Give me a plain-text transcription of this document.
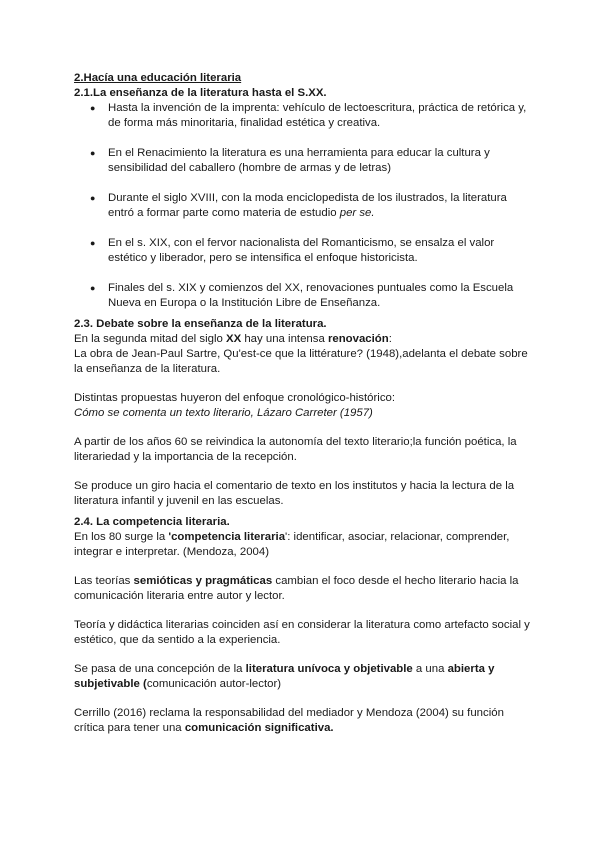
2.Hacía una educación literaria

2.1.La enseñanza de la literatura hasta el S.XX.

● Hasta la invención de la imprenta: vehículo de lectoescritura, práctica de retórica y, de forma más minoritaria, finalidad estética y creativa.
● En el Renacimiento la literatura es una herramienta para educar la cultura y sensibilidad del caballero (hombre de armas y de letras)
● Durante el siglo XVIII, con la moda enciclopedista de los ilustrados, la literatura entró a formar parte como materia de estudio per se.
● En el s. XIX, con el fervor nacionalista del Romanticismo, se ensalza el valor estético y liberador, pero se intensifica el enfoque historicista.
● Finales del s. XIX y comienzos del XX, renovaciones puntuales como la Escuela Nueva en Europa o la Institución Libre de Enseñanza.

2.3. Debate sobre la enseñanza de la literatura.

En la segunda mitad del siglo XX hay una intensa renovación:

La obra de Jean-Paul Sartre, Qu'est-ce que la littérature? (1948),adelanta el debate sobre la enseñanza de la literatura.

Distintas propuestas huyeron del enfoque cronológico-histórico:

Cómo se comenta un texto literario, Lázaro Carreter (1957)

A partir de los años 60 se reivindica la autonomía del texto literario;la función poética, la literariedad y la importancia de la recepción.

Se produce un giro hacia el comentario de texto en los institutos y hacia la lectura de la literatura infantil y juvenil en las escuelas.

2.4. La competencia literaria.

En los 80 surge la 'competencia literaria': identificar, asociar, relacionar, comprender, integrar e interpretar. (Mendoza, 2004)

Las teorías semióticas y pragmáticas cambian el foco desde el hecho literario hacia la comunicación literaria entre autor y lector.

Teoría y didáctica literarias coinciden así en considerar la literatura como artefacto social y estético, que da sentido a la experiencia.

Se pasa de una concepción de la literatura unívoca y objetivable a una abierta y subjetivable (comunicación autor-lector)

Cerrillo (2016) reclama la responsabilidad del mediador y Mendoza (2004) su función crítica para tener una comunicación significativa.
